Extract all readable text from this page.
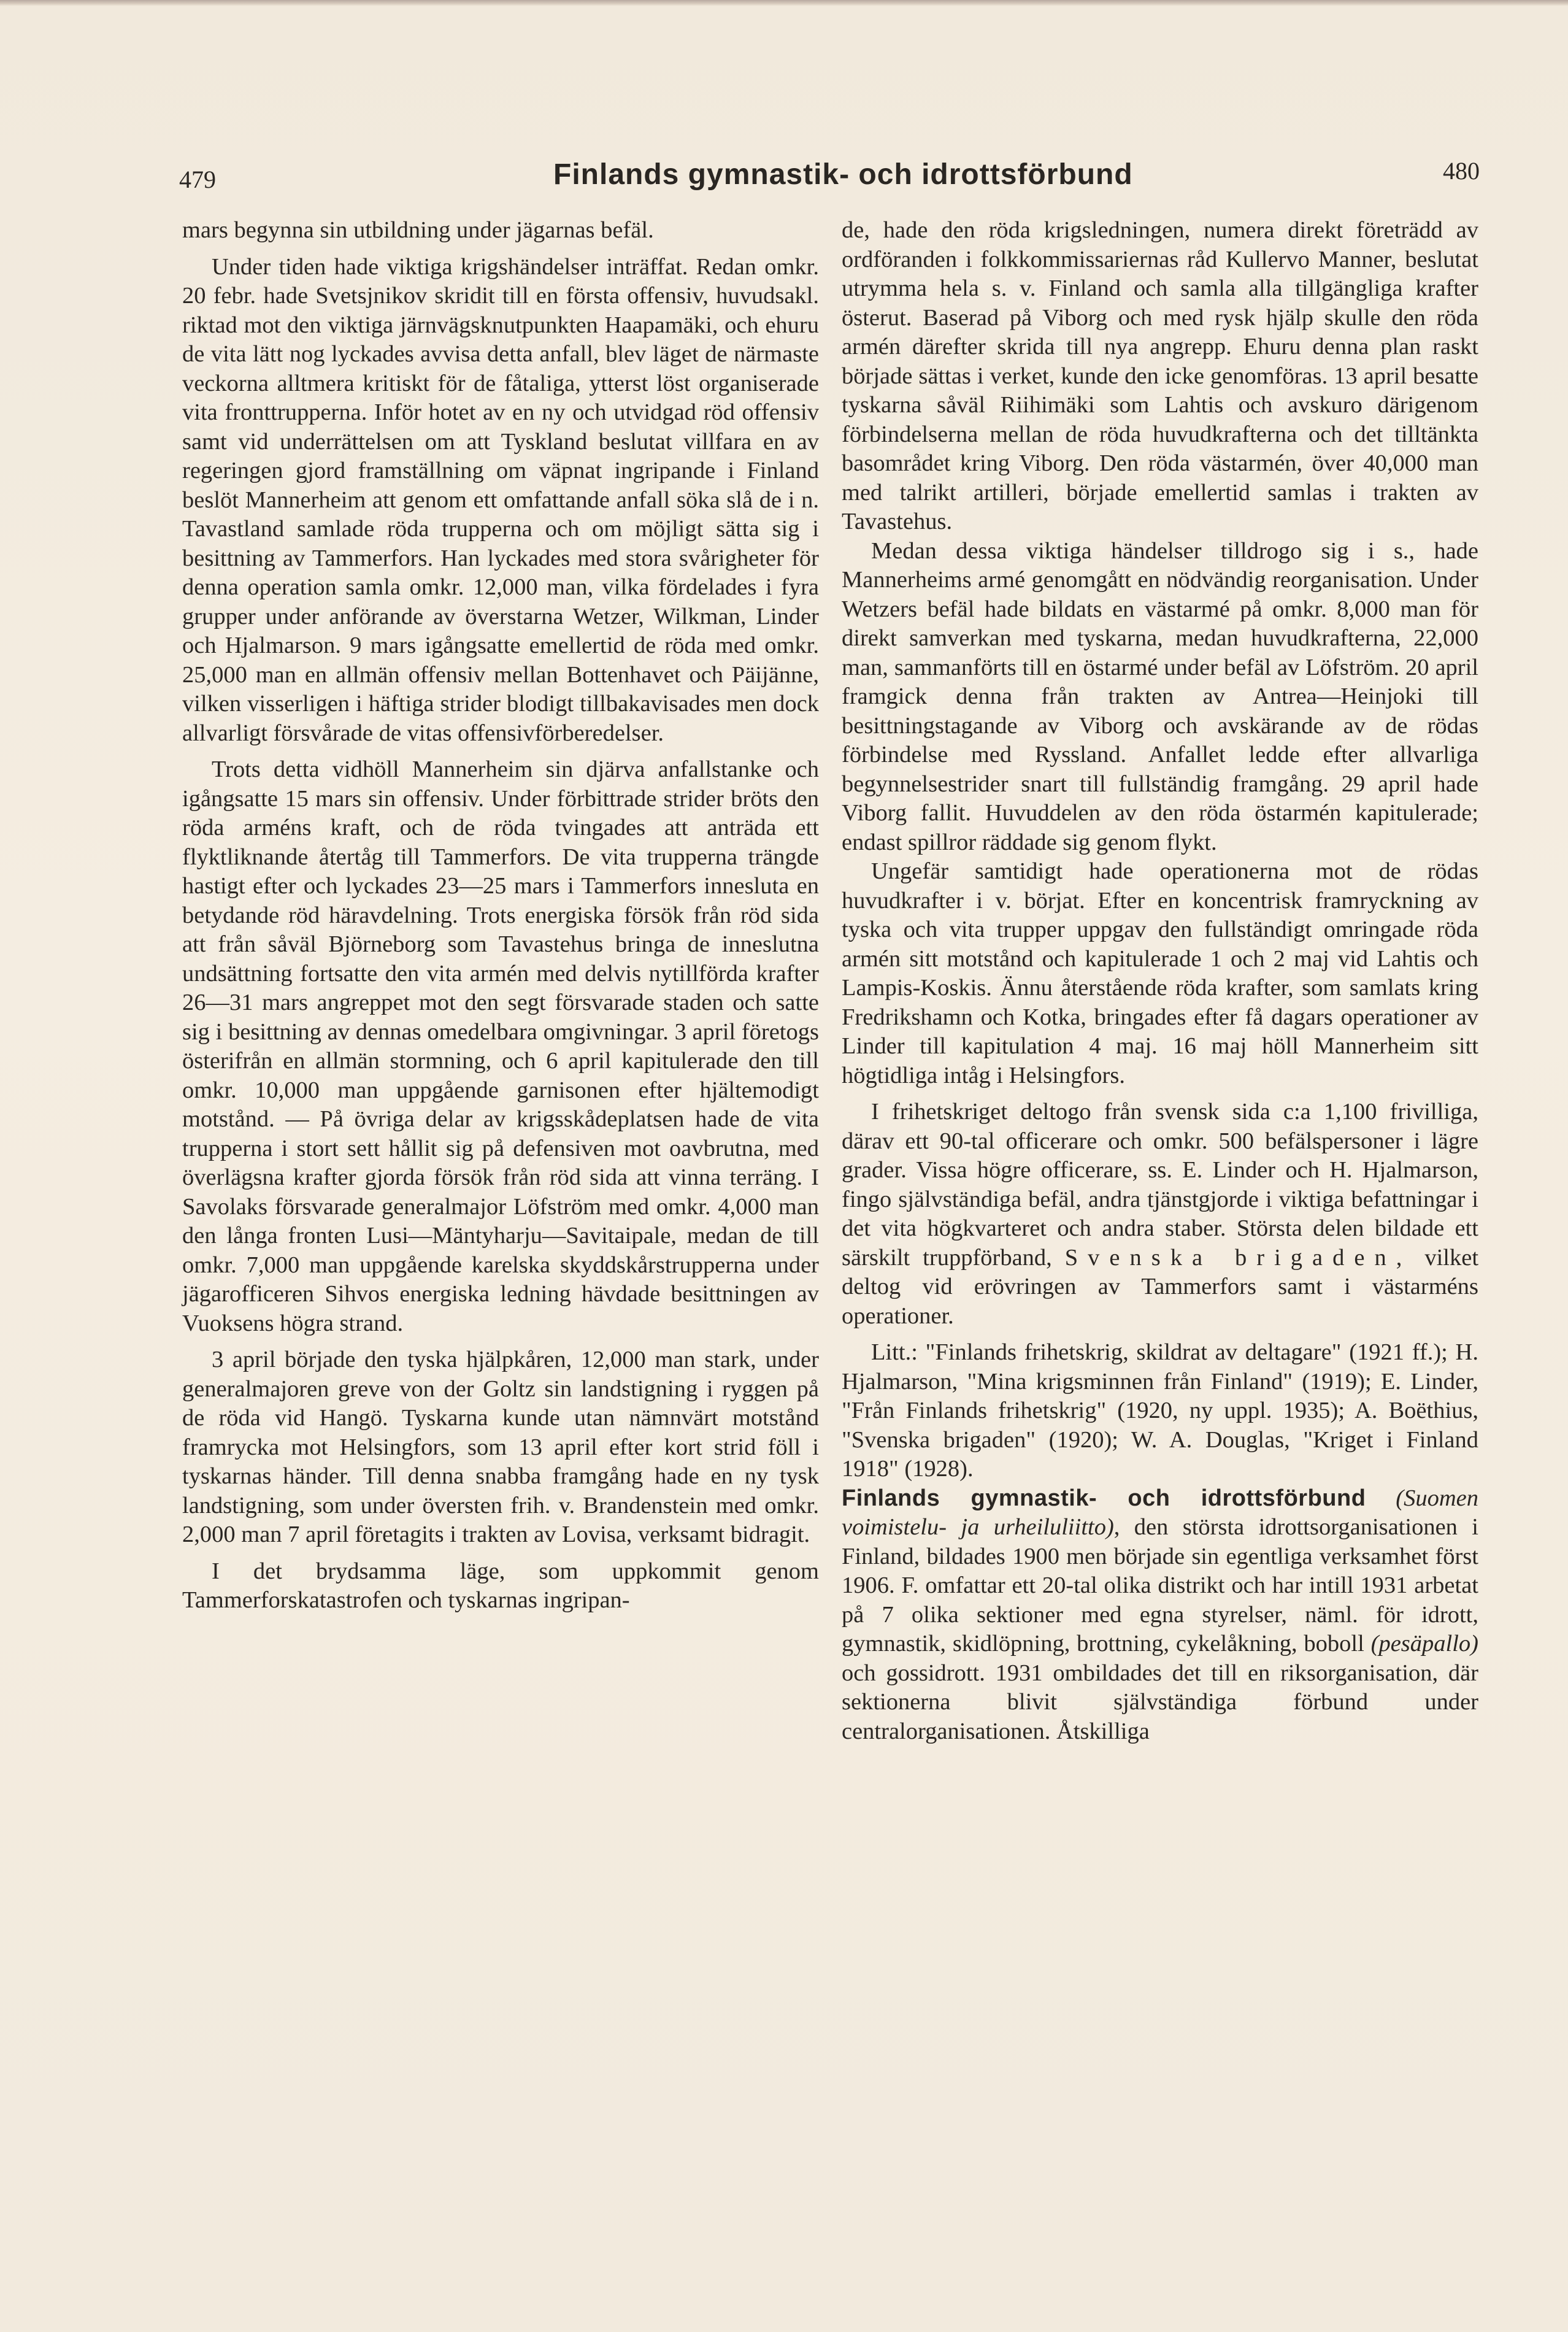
479	Finlands gymnastik- och idrottsförbund	480

mars begynna sin utbildning under jägarnas befäl.

Under tiden hade viktiga krigshändelser inträffat. Redan omkr. 20 febr. hade Svetsjnikov skridit till en första offensiv, huvudsakl. riktad mot den viktiga järnvägsknutpunkten Haapamäki, och ehuru de vita lätt nog lyckades avvisa detta anfall, blev läget de närmaste veckorna alltmera kritiskt för de fåtaliga, ytterst löst organiserade vita fronttrupperna. Inför hotet av en ny och utvidgad röd offensiv samt vid underrättelsen om att Tyskland beslutat villfara en av regeringen gjord framställning om väpnat ingripande i Finland beslöt Mannerheim att genom ett omfattande anfall söka slå de i n. Tavastland samlade röda trupperna och om möjligt sätta sig i besittning av Tammerfors. Han lyckades med stora svårigheter för denna operation samla omkr. 12,000 man, vilka fördelades i fyra grupper under anförande av överstarna Wetzer, Wilkman, Linder och Hjalmarson. 9 mars igångsatte emellertid de röda med omkr. 25,000 man en allmän offensiv mellan Bottenhavet och Päijänne, vilken visserligen i häftiga strider blodigt tillbakavisades men dock allvarligt försvårade de vitas offensivförberedelser.

Trots detta vidhöll Mannerheim sin djärva anfallstanke och igångsatte 15 mars sin offensiv. Under förbittrade strider bröts den röda arméns kraft, och de röda tvingades att anträda ett flyktliknande återtåg till Tammerfors. De vita trupperna trängde hastigt efter och lyckades 23—25 mars i Tammerfors innesluta en betydande röd häravdelning. Trots energiska försök från röd sida att från såväl Björneborg som Tavastehus bringa de inneslutna undsättning fortsatte den vita armén med delvis nytillförda krafter 26—31 mars angreppet mot den segt försvarade staden och satte sig i besittning av dennas omedelbara omgivningar. 3 april företogs österifrån en allmän stormning, och 6 april kapitulerade den till omkr. 10,000 man uppgående garnisonen efter hjältemodigt motstånd. — På övriga delar av krigsskådeplatsen hade de vita trupperna i stort sett hållit sig på defensiven mot oavbrutna, med överlägsna krafter gjorda försök från röd sida att vinna terräng. I Savolaks försvarade generalmajor Löfström med omkr. 4,000 man den långa fronten Lusi—Mäntyharju—Savitaipale, medan de till omkr. 7,000 man uppgående karelska skyddskårstrupperna under jägarofficeren Sihvos energiska ledning hävdade besittningen av Vuoksens högra strand.

3 april började den tyska hjälpkåren, 12,000 man stark, under generalmajoren greve von der Goltz sin landstigning i ryggen på de röda vid Hangö. Tyskarna kunde utan nämnvärt motstånd framrycka mot Helsingfors, som 13 april efter kort strid föll i tyskarnas händer. Till denna snabba framgång hade en ny tysk landstigning, som under översten frih. v. Brandenstein med omkr. 2,000 man 7 april företagits i trakten av Lovisa, verksamt bidragit.

I det brydsamma läge, som uppkommit genom Tammerforskatastrofen och tyskarnas ingripan-

de, hade den röda krigsledningen, numera direkt företrädd av ordföranden i folkkommissariernas råd Kullervo Manner, beslutat utrymma hela s. v. Finland och samla alla tillgängliga krafter österut. Baserad på Viborg och med rysk hjälp skulle den röda armén därefter skrida till nya angrepp. Ehuru denna plan raskt började sättas i verket, kunde den icke genomföras. 13 april besatte tyskarna såväl Riihimäki som Lahtis och avskuro därigenom förbindelserna mellan de röda huvudkrafterna och det tilltänkta basområdet kring Viborg. Den röda västarmén, över 40,000 man med talrikt artilleri, började emellertid samlas i trakten av Tavastehus.

Medan dessa viktiga händelser tilldrogo sig i s., hade Mannerheims armé genomgått en nödvändig reorganisation. Under Wetzers befäl hade bildats en västarmé på omkr. 8,000 man för direkt samverkan med tyskarna, medan huvudkrafterna, 22,000 man, sammanförts till en östarmé under befäl av Löfström. 20 april framgick denna från trakten av Antrea—Heinjoki till besittningstagande av Viborg och avskärande av de rödas förbindelse med Ryssland. Anfallet ledde efter allvarliga begynnelsestrider snart till fullständig framgång. 29 april hade Viborg fallit. Huvuddelen av den röda östarmén kapitulerade; endast spillror räddade sig genom flykt.

Ungefär samtidigt hade operationerna mot de rödas huvudkrafter i v. börjat. Efter en koncentrisk framryckning av tyska och vita trupper uppgav den fullständigt omringade röda armén sitt motstånd och kapitulerade 1 och 2 maj vid Lahtis och Lampis-Koskis. Ännu återstående röda krafter, som samlats kring Fredrikshamn och Kotka, bringades efter få dagars operationer av Linder till kapitulation 4 maj. 16 maj höll Mannerheim sitt högtidliga intåg i Helsingfors.

I frihetskriget deltogo från svensk sida c:a 1,100 frivilliga, därav ett 90-tal officerare och omkr. 500 befälspersoner i lägre grader. Vissa högre officerare, ss. E. Linder och H. Hjalmarson, fingo självständiga befäl, andra tjänstgjorde i viktiga befattningar i det vita högkvarteret och andra staber. Största delen bildade ett särskilt truppförband, Svenska brigaden, vilket deltog vid erövringen av Tammerfors samt i västarméns operationer.

Litt.: "Finlands frihetskrig, skildrat av deltagare" (1921 ff.); H. Hjalmarson, "Mina krigsminnen från Finland" (1919); E. Linder, "Från Finlands frihetskrig" (1920, ny uppl. 1935); A. Boëthius, "Svenska brigaden" (1920); W. A. Douglas, "Kriget i Finland 1918" (1928).

Finlands gymnastik- och idrottsförbund (Suomen voimistelu- ja urheiluliitto), den största idrottsorganisationen i Finland, bildades 1900 men började sin egentliga verksamhet först 1906. F. omfattar ett 20-tal olika distrikt och har intill 1931 arbetat på 7 olika sektioner med egna styrelser, näml. för idrott, gymnastik, skidlöpning, brottning, cykelåkning, boboll (pesäpallo) och gossidrott. 1931 ombildades det till en riksorganisation, där sektionerna blivit självständiga förbund under centralorganisationen. Åtskilliga
